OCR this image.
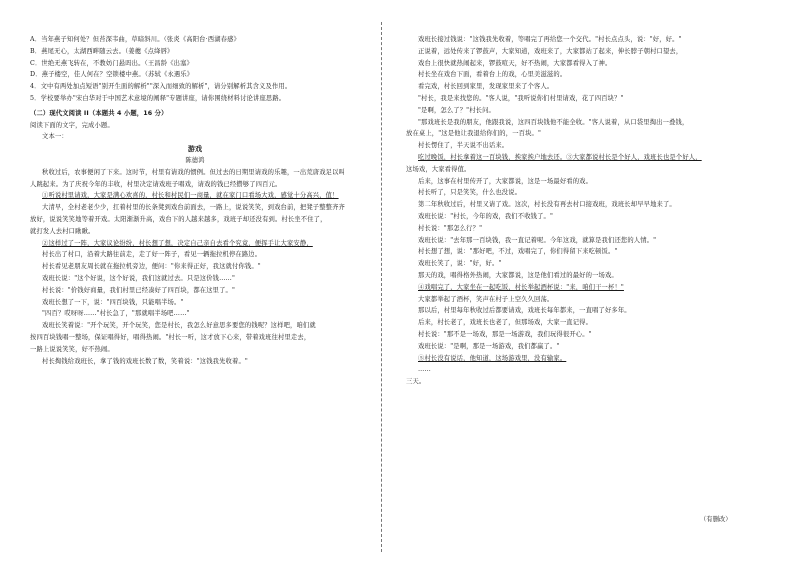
A．当年燕子知何处？但苔深韦曲，草暗斜川。（张炎《高阳台·西湖春感》
B．燕尾无心，太湖西畔随云去。（姜夔《点绛唇》
C．世绝无燕飞转在，不教妨门悬吗出。（王昌龄《出塞》
D．燕子楼空，佳人何在？空锁楼中燕。（苏轼《永遇乐》
4．文中有两处加点短语"别开生面的解析""深入而细致的解析"，请分别解析其含义及作用。
5．学校要举办"宋白华对于中国艺术意境的阐释"专题讲座，请你围绕材料讨论讲座思路。
（二）现代文阅读 II（本题共 4 小题，16 分）
阅读下面的文字，完成小题。
文本一：
游戏
陈德鸿
秋收过后，农事便闲了下来。这时节，村里有请戏的惯例。但过去的日期里请戏的乐趣，一出荒唐戏足以叫
人跳起来。为了庆祝今年的丰收，村里决定请戏班子唱戏，请戏的钱已经攒够了四百元。
①听说村里请戏，大家是满心欢喜的，村长和村民们一商量，就在家门口看场大戏，感觉十分高兴，值！
大清早，全村老老少少，扛着村里的长条凳到戏台前面去，一路上，说说笑笑，到戏台前，把凳子整整齐齐
放好，说说笑笑地等着开戏。太阳渐渐升高，戏台下的人越来越多，戏班子却还没有到。村长坐不住了，
就打发人去村口瞅瞅。
②这样过了一阵，大家议论纷纷，村长想了想，决定自己亲自去看个究竟，便挥手让大家安静，
村长出了村口，沿着大路往前走，走了好一阵子，看见一辆拖拉机停在路边。
村长看见老朋友周长就在拖拉机旁边，便问："你来得正好，我这就付你钱。"
戏班长说："这个好说，这个好说，我们这就过去。只是这价钱……"
村长说："价钱好商量，我们村里已经凑好了四百块，都在这里了。"
戏班长想了一下，说："四百块钱，只能唱半场。"
"四百？哎呀呀……"村长急了，"那就唱半场吧……"
戏班长笑着说："开个玩笑，开个玩笑，您是村长，我怎么好意思多要您的钱呢？这样吧，咱们就
按四百块钱唱一整场，保证唱得好，唱得热闹。"村长一听，这才放下心来，带着戏班往村里走去，
一路上说说笑笑，好不热闹。
村长掏钱给戏班长，拿了钱的戏班长数了数，笑着说："这钱我先收着。"
戏班长接过钱说："这钱我先收着，等唱完了再给您一个交代。"村长点点头，说："好，好。"
正说着，远处传来了锣鼓声，大家知道，戏班来了，大家都站了起来，伸长脖子朝村口望去，
戏台上很快就热闹起来，锣鼓喧天，好不热闹，大家都看得入了神。
村长坐在戏台下面，看着台上的戏，心里美滋滋的。
看完戏，村长回到家里，发现家里来了个客人。
"村长，我是来找您的。"客人说，"我听说你们村里请戏，花了四百块？"
"是啊，怎么了？"村长问。
"那戏班长是我的朋友，他跟我说，这四百块钱他不能全收。"客人说着，从口袋里掏出一叠钱，
放在桌上，"这是他让我退给你们的，一百块。"
村长愣住了，半天说不出话来。
吃过晚饭，村长拿着这一百块钱，挨家挨户地去还。③大家都说村长是个好人，戏班长也是个好人，
这场戏，大家看得值。
后来，这事在村里传开了，大家都说，这是一场最好看的戏。
村长听了，只是笑笑，什么也没说。
第二年秋收过后，村里又请了戏。这次，村长没有再去村口接戏班，戏班长却早早地来了。
戏班长说："村长，今年的戏，我们不收钱了。"
村长说："那怎么行？"
戏班长说："去年那一百块钱，我一直记着呢。今年这戏，就算是我们还您的人情。"
村长想了想，说："那好吧，不过，戏唱完了，你们得留下来吃顿饭。"
戏班长笑了，说："好，好。"
那天的戏，唱得格外热闹，大家都说，这是他们看过的最好的一场戏。
④戏唱完了，大家坐在一起吃饭，村长举起酒杯说："来，咱们干一杯！"
大家都举起了酒杯，笑声在村子上空久久回荡。
那以后，村里每年秋收过后都要请戏，戏班长每年都来，一直唱了好多年。
后来，村长老了，戏班长也老了，但那场戏，大家一直记得。
村长说："那不是一场戏，那是一场游戏，我们玩得很开心。"
戏班长说："是啊，那是一场游戏，我们都赢了。"
⑤村长没有说话，他知道，这场游戏里，没有输家。
……
三天。
（有删改）
